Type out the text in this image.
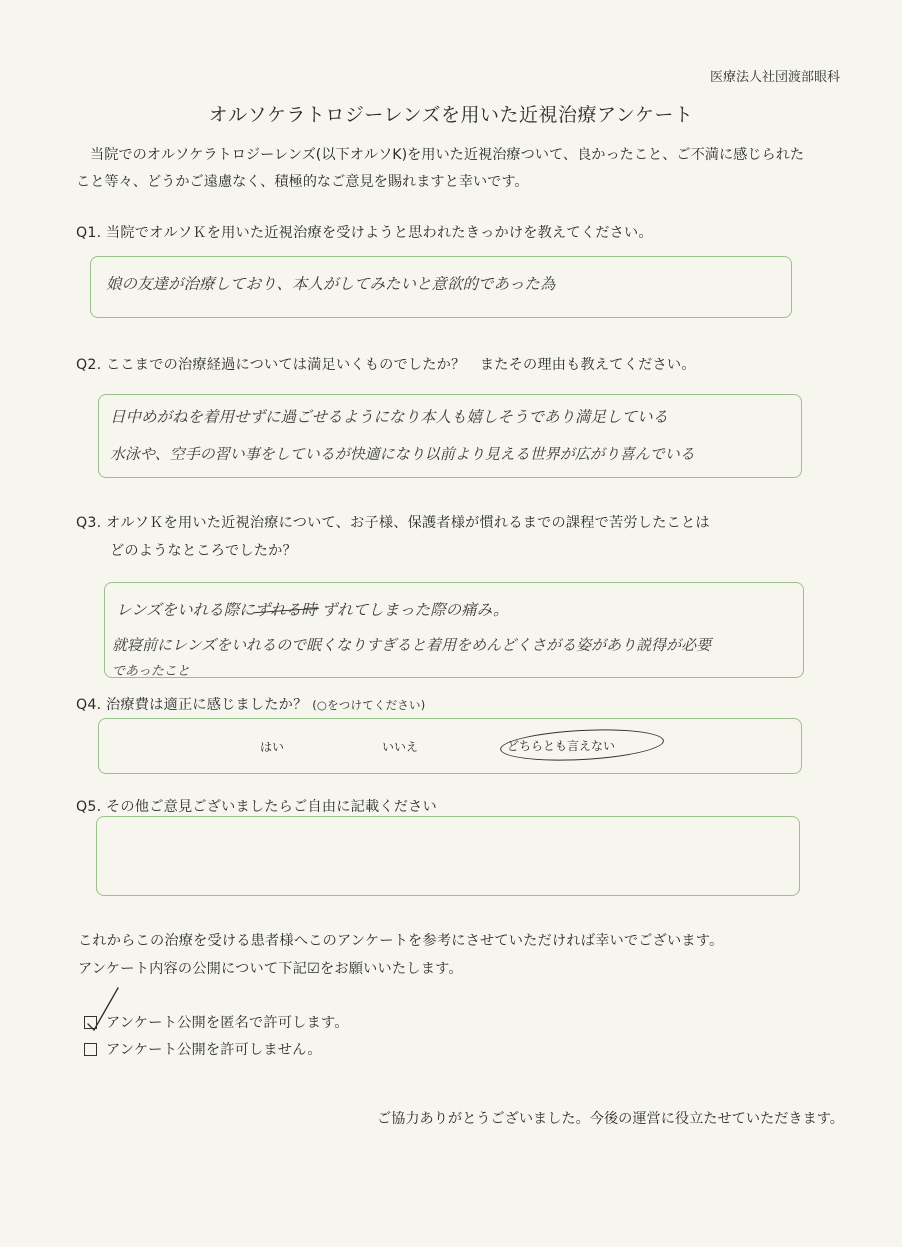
医療法人社団渡部眼科
オルソケラトロジーレンズを用いた近視治療アンケート
当院でのオルソケラトロジーレンズ(以下オルソK)を用いた近視治療ついて、良かったこと、ご不満に感じられたこと等々、どうかご遠慮なく、積極的なご意見を賜れますと幸いです。
Q1. 当院でオルソＫを用いた近視治療を受けようと思われたきっかけを教えてください。
娘の友達が治療しており、本人がしてみたいと意欲的であった為
Q2. ここまでの治療経過については満足いくものでしたか？　またその理由も教えてください。
日中めがねを着用せずに過ごせるようになり本人も嬉しそうであり満足している
水泳や、空手の習い事をしているが快適になり以前より見える世界が広がり喜んでいる
Q3. オルソＫを用いた近視治療について、お子様、保護者様が慣れるまでの課程で苦労したことは
どのようなところでしたか？
レンズをいれる際にずれる時 ずれてしまった際の痛み。
就寝前にレンズをいれるので眠くなりすぎると着用をめんどくさがる姿があり説得が必要
であったこと
Q4. 治療費は適正に感じましたか？ (○をつけてください)
はい	いいえ	どちらとも言えない
Q5. その他ご意見ございましたらご自由に記載ください
これからこの治療を受ける患者様へこのアンケートを参考にさせていただければ幸いでございます。
アンケート内容の公開について下記☑をお願いいたします。
アンケート公開を匿名で許可します。
アンケート公開を許可しません。
ご協力ありがとうございました。今後の運営に役立たせていただきます。
